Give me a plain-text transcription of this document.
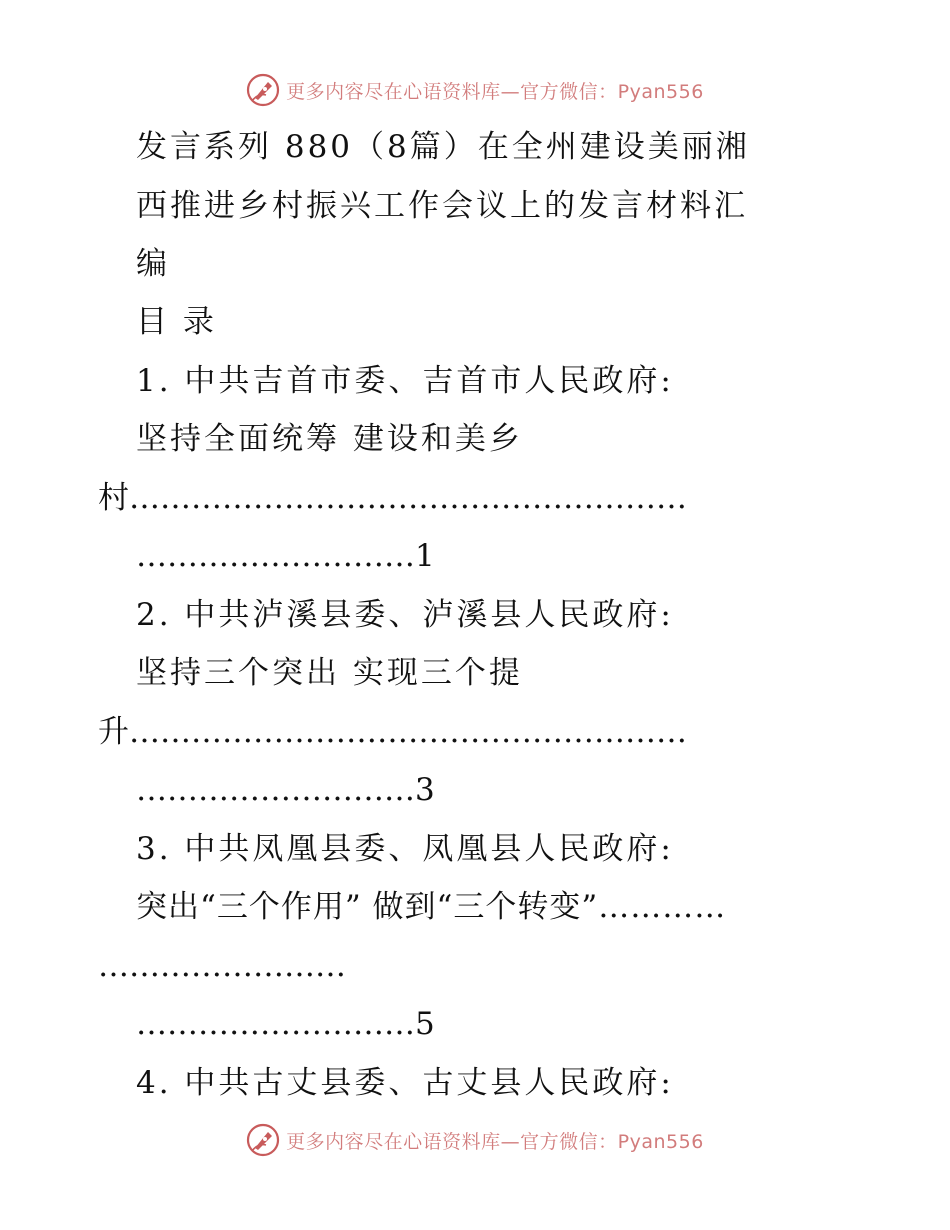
更多内容尽在心语资料库—官方微信：Pyan556
发言系列 880（8篇）在全州建设美丽湘
西推进乡村振兴工作会议上的发言材料汇
编
目 录
1. 中共吉首市委、吉首市人民政府:
坚持全面统筹 建设和美乡
村………………………………………………
………………………1
2. 中共泸溪县委、泸溪县人民政府:
坚持三个突出 实现三个提
升………………………………………………
………………………3
3. 中共凤凰县委、凤凰县人民政府:
突出“三个作用” 做到“三个转变”…………
……………………
………………………5
4. 中共古丈县委、古丈县人民政府:
更多内容尽在心语资料库—官方微信：Pyan556
